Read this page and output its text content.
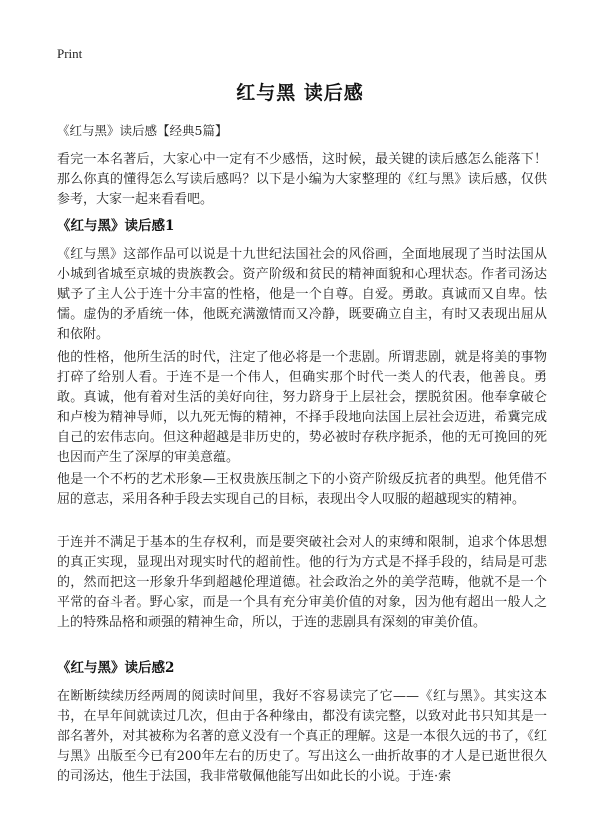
Print
红与黑 读后感
《红与黑》读后感【经典5篇】
看完一本名著后，大家心中一定有不少感悟，这时候，最关键的读后感怎么能落下！那么你真的懂得怎么写读后感吗？以下是小编为大家整理的《红与黑》读后感，仅供参考，大家一起来看看吧。
《红与黑》读后感1
《红与黑》这部作品可以说是十九世纪法国社会的风俗画，全面地展现了当时法国从小城到省城至京城的贵族教会。资产阶级和贫民的精神面貌和心理状态。作者司汤达赋予了主人公于连十分丰富的性格，他是一个自尊。自爱。勇敢。真诚而又自卑。怯懦。虚伪的矛盾统一体，他既充满激情而又冷静，既要确立自主，有时又表现出屈从和依附。
他的性格，他所生活的时代，注定了他必将是一个悲剧。所谓悲剧，就是将美的事物打碎了给别人看。于连不是一个伟人，但确实那个时代一类人的代表，他善良。勇敢。真诚，他有着对生活的美好向往，努力跻身于上层社会，摆脱贫困。他奉拿破仑和卢梭为精神导师，以九死无悔的精神，不择手段地向法国上层社会迈进，希冀完成自己的宏伟志向。但这种超越是非历史的，势必被时存秩序扼杀，他的无可挽回的死也因而产生了深厚的审美意蕴。
他是一个不朽的艺术形象—王权贵族压制之下的小资产阶级反抗者的典型。他凭借不屈的意志，采用各种手段去实现自己的目标，表现出令人叹服的超越现实的精神。
于连并不满足于基本的生存权利，而是要突破社会对人的束缚和限制，追求个体思想的真正实现，显现出对现实时代的超前性。他的行为方式是不择手段的，结局是可悲的，然而把这一形象升华到超越伦理道德。社会政治之外的美学范畴，他就不是一个平常的奋斗者。野心家，而是一个具有充分审美价值的对象，因为他有超出一般人之上的特殊品格和顽强的精神生命，所以，于连的悲剧具有深刻的审美价值。
《红与黑》读后感2
在断断续续历经两周的阅读时间里，我好不容易读完了它——《红与黑》。其实这本书，在早年间就读过几次，但由于各种缘由，都没有读完整，以致对此书只知其是一部名著外，对其被称为名著的意义没有一个真正的理解。这是一本很久远的书了，《红与黑》出版至今已有200年左右的历史了。写出这么一曲折故事的才人是已逝世很久的司汤达，他生于法国，我非常敬佩他能写出如此长的小说。于连·索
